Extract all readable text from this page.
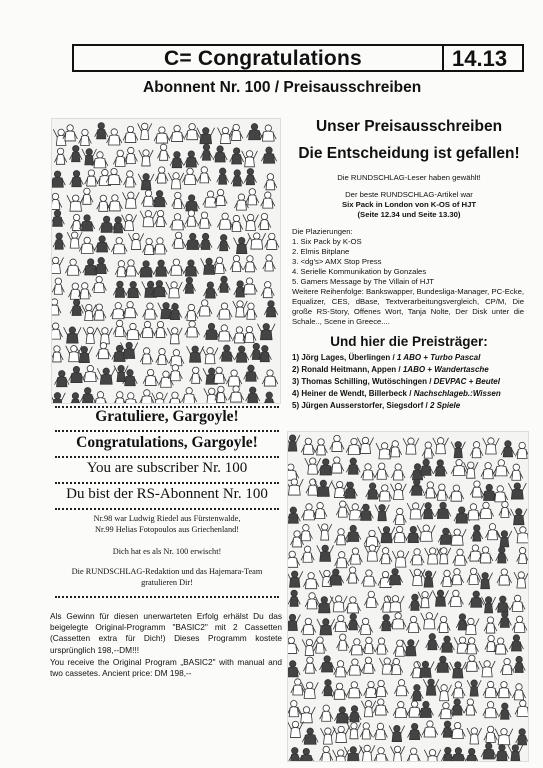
C= Congratulations	14.13
Abonnent Nr. 100 / Preisausschreiben
Gratuliere, Gargoyle!
Congratulations, Gargoyle!
You are subscriber Nr. 100
Du bist der RS-Abonnent Nr. 100
Nr.98 war Ludwig Riedel aus Fürstenwalde,
Nr.99 Helias Fotopoulos aus Griechenland!
Dich hat es als Nr. 100 erwischt!
Die RUNDSCHLAG-Redaktion und das Hajemara-Team
gratulieren Dir!
Als Gewinn für diesen unerwarteten Erfolg erhälst Du das beigelegte Original-Programm "BASIC2" mit 2 Cassetten (Cassetten extra für Dich!) Dieses Programm kostete ursprünglich 198,--DM!!!
You receive the Original Program „BASIC2" with manual and two cassetes. Ancient price: DM 198,--
Unser Preisausschreiben
Die Entscheidung ist gefallen!
Die RUNDSCHLAG-Leser haben gewählt!
Der beste RUNDSCHLAG-Artikel war
Six Pack in London von K-OS of HJT
(Seite 12.34 und Seite 13.30)
Die Plazierungen:
1. Six Pack by K-OS
2. Elmis Bitplane
3. <dg's> AMX Stop Press
4. Serielle Kommunikation by Gonzales
5. Gamers Message by The Villain of HJT
Weitere Reihenfolge: Bankswapper, Bundesliga-Manager, PC-Ecke, Equalizer, CES, dBase, Textverarbeitungsvergleich, CP/M, Die große RS-Story, Offenes Wort, Tanja Nolte, Der Disk unter die Schale.., Scene in Greece....
Und hier die Preisträger:
1) Jörg Lages, Überlingen / 1 ABO + Turbo Pascal
2) Ronald Heitmann, Appen / 1ABO + Wandertasche
3) Thomas Schilling, Wutöschingen / DEVPAC + Beutel
4) Heiner de Wendt, Billerbeck / Nachschlageb.:Wissen
5) Jürgen Ausserstorfer, Siegsdorf / 2 Spiele
